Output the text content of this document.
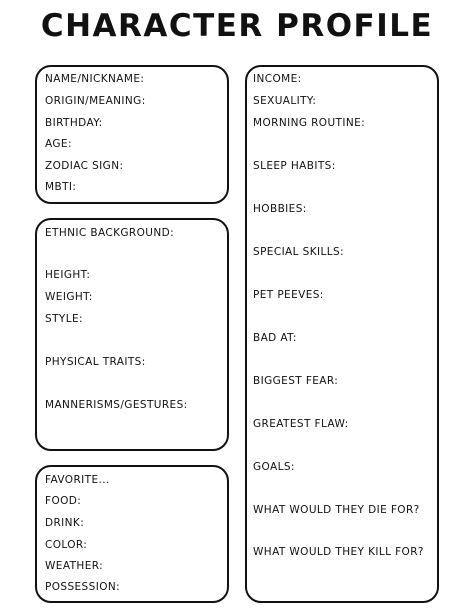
CHARACTER PROFILE
NAME/NICKNAME:
ORIGIN/MEANING:
BIRTHDAY:
AGE:
ZODIAC SIGN:
MBTI:
ETHNIC BACKGROUND:
HEIGHT:
WEIGHT:
STYLE:
PHYSICAL TRAITS:
MANNERISMS/GESTURES:
FAVORITE...
FOOD:
DRINK:
COLOR:
WEATHER:
POSSESSION:
INCOME:
SEXUALITY:
MORNING ROUTINE:
SLEEP HABITS:
HOBBIES:
SPECIAL SKILLS:
PET PEEVES:
BAD AT:
BIGGEST FEAR:
GREATEST FLAW:
GOALS:
WHAT WOULD THEY DIE FOR?
WHAT WOULD THEY KILL FOR?
